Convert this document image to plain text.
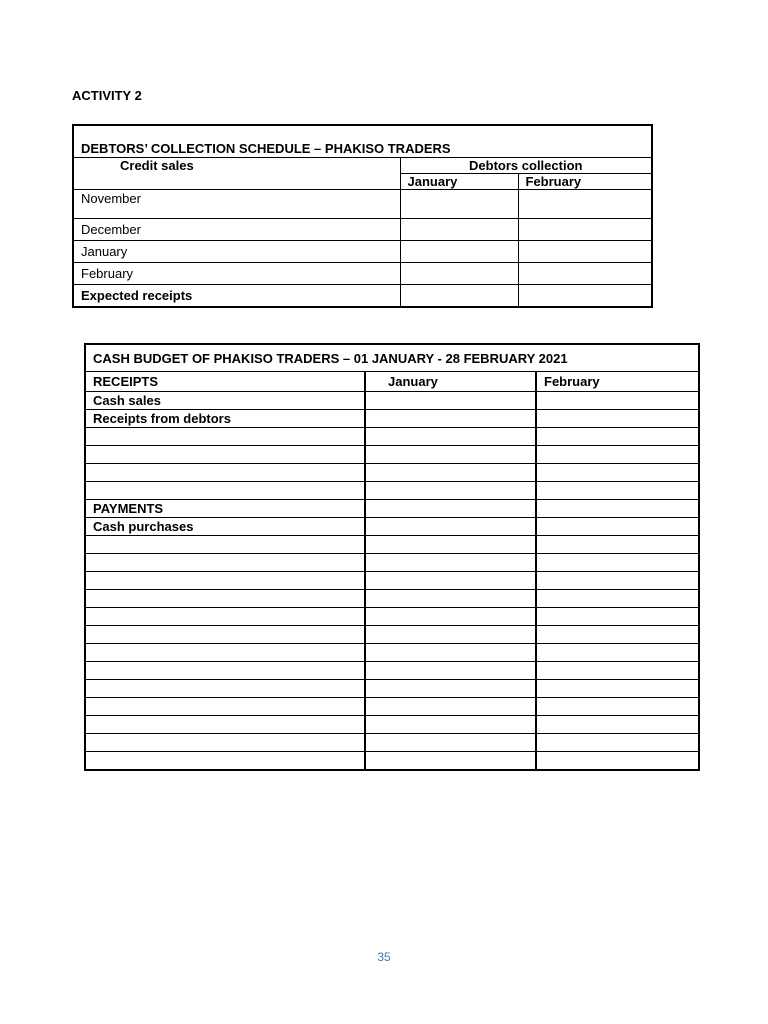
ACTIVITY 2
DEBTORS’ COLLECTION SCHEDULE – PHAKISO TRADERS		
Credit sales	Debtors collection	
	January	February
November		
December		
January		
February		
Expected receipts		
CASH BUDGET OF PHAKISO TRADERS – 01 JANUARY - 28 FEBRUARY 2021		
RECEIPTS	January	February
Cash sales		
Receipts from debtors		

PAYMENTS		
Cash purchases		

35
